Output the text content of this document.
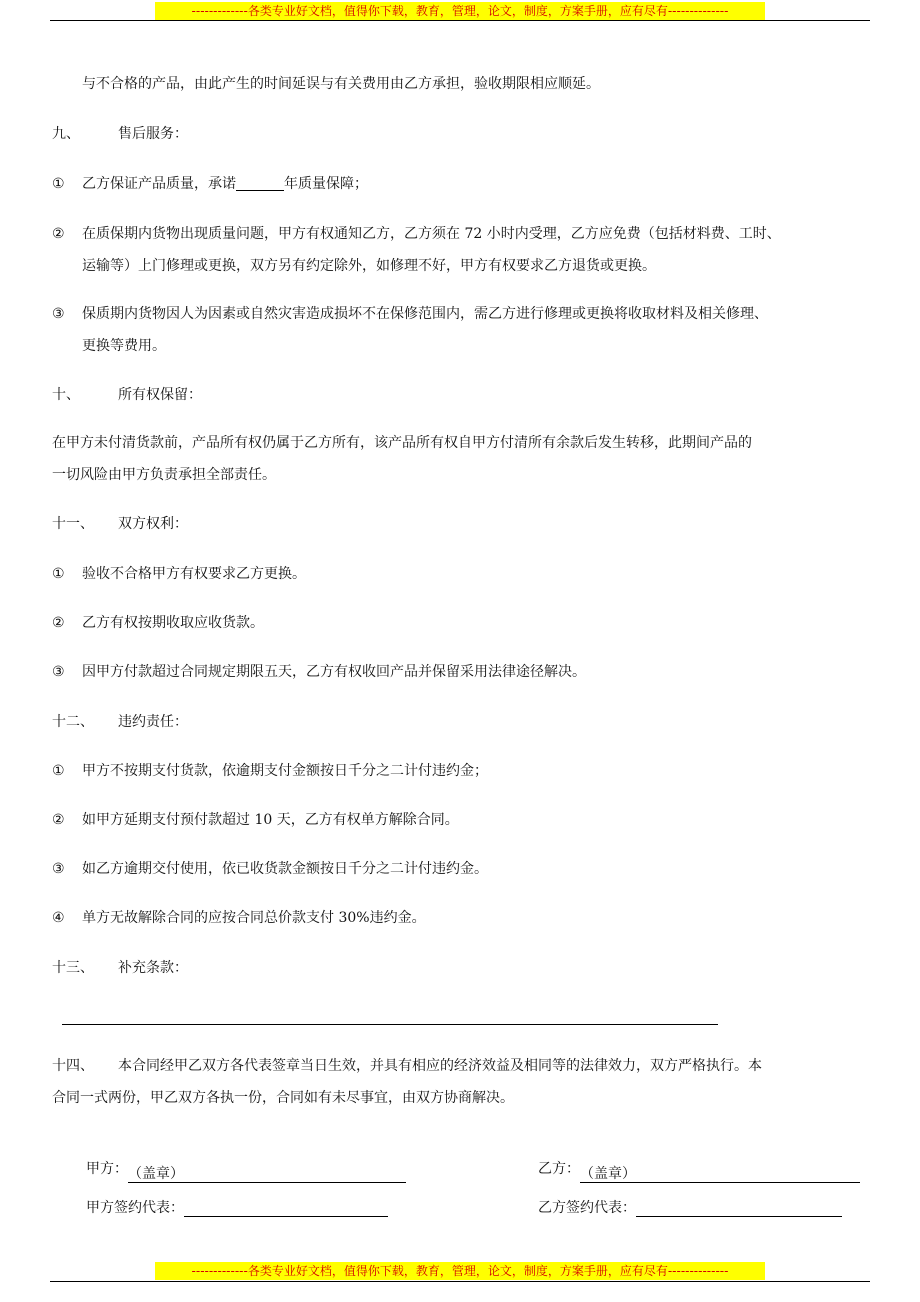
-------------各类专业好文档，值得你下载，教育，管理，论文，制度，方案手册，应有尽有--------------
与不合格的产品，由此产生的时间延误与有关费用由乙方承担，验收期限相应顺延。
九、	售后服务：
① 乙方保证产品质量，承诺	年质量保障；
② 在质保期内货物出现质量问题，甲方有权通知乙方，乙方须在 72 小时内受理，乙方应免费（包括材料费、工时、
运输等）上门修理或更换，双方另有约定除外，如修理不好，甲方有权要求乙方退货或更换。
③ 保质期内货物因人为因素或自然灾害造成损坏不在保修范围内，需乙方进行修理或更换将收取材料及相关修理、
更换等费用。
十、	所有权保留：
在甲方未付清货款前，产品所有权仍属于乙方所有，该产品所有权自甲方付清所有余款后发生转移，此期间产品的
一切风险由甲方负责承担全部责任。
十一、 双方权利：
① 验收不合格甲方有权要求乙方更换。
② 乙方有权按期收取应收货款。
③ 因甲方付款超过合同规定期限五天，乙方有权收回产品并保留采用法律途径解决。
十二、 违约责任：
① 甲方不按期支付货款，依逾期支付金额按日千分之二计付违约金；
② 如甲方延期支付预付款超过 10 天，乙方有权单方解除合同。
③ 如乙方逾期交付使用，依已收货款金额按日千分之二计付违约金。
④ 单方无故解除合同的应按合同总价款支付 30%违约金。
十三、 补充条款：
十四、 本合同经甲乙双方各代表签章当日生效，并具有相应的经济效益及相同等的法律效力，双方严格执行。本
合同一式两份，甲乙双方各执一份，合同如有未尽事宜，由双方协商解决。
甲方：（盖章）	乙方：（盖章）
甲方签约代表：	乙方签约代表：
-------------各类专业好文档，值得你下载，教育，管理，论文，制度，方案手册，应有尽有--------------
